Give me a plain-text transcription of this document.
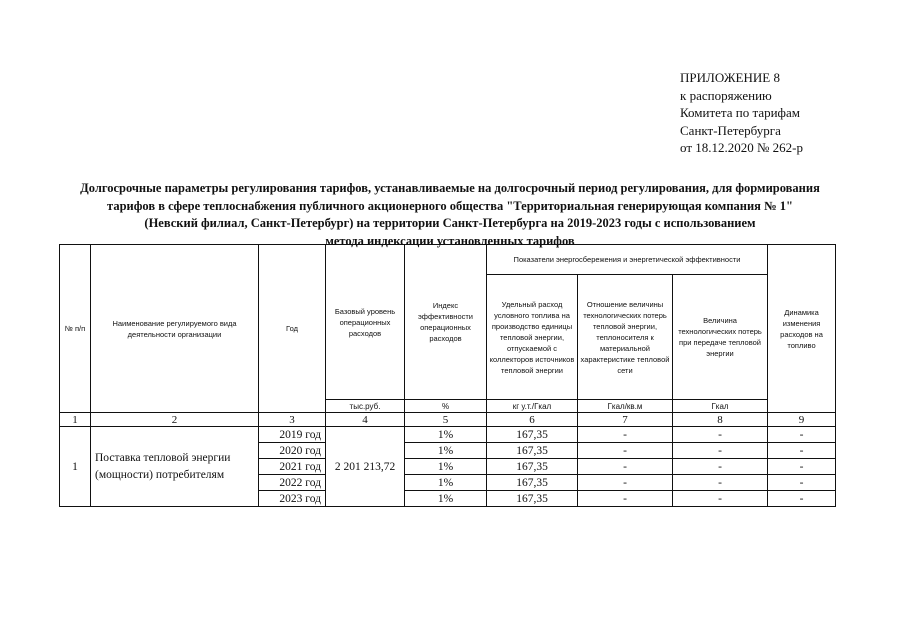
ПРИЛОЖЕНИЕ 8
к распоряжению
Комитета по тарифам
Санкт-Петербурга
от 18.12.2020 № 262-р
Долгосрочные параметры регулирования тарифов, устанавливаемые на долгосрочный период регулирования, для формирования
тарифов в сфере теплоснабжения публичного акционерного общества "Территориальная генерирующая компания № 1"
(Невский филиал, Санкт-Петербург) на территории Санкт-Петербурга на 2019-2023 годы с использованием
метода индексации установленных тарифов
№ п/п	Наименование регулируемого вида деятельности организации	Год	Базовый уровень операционных расходов	Индекс эффективности операционных расходов	Показатели энергосбережения и энергетической эффективности			Динамика изменения расходов на топливо
					Удельный расход условного топлива на производство единицы тепловой энергии, отпускаемой с коллекторов источников тепловой энергии	Отношение величины технологических потерь тепловой энергии, теплоносителя к материальной характеристике тепловой сети	Величина технологических потерь при передаче тепловой энергии	
			тыс.руб.	%	кг у.т./Гкал	Гкал/кв.м	Гкал	
1	2	3	4	5	6	7	8	9
1	Поставка тепловой энергии (мощности) потребителям	2019 год	2 201 213,72	1%	167,35	-	-	-
		2020 год		1%	167,35	-	-	-
		2021 год		1%	167,35	-	-	-
		2022 год		1%	167,35	-	-	-
		2023 год		1%	167,35	-	-	-
